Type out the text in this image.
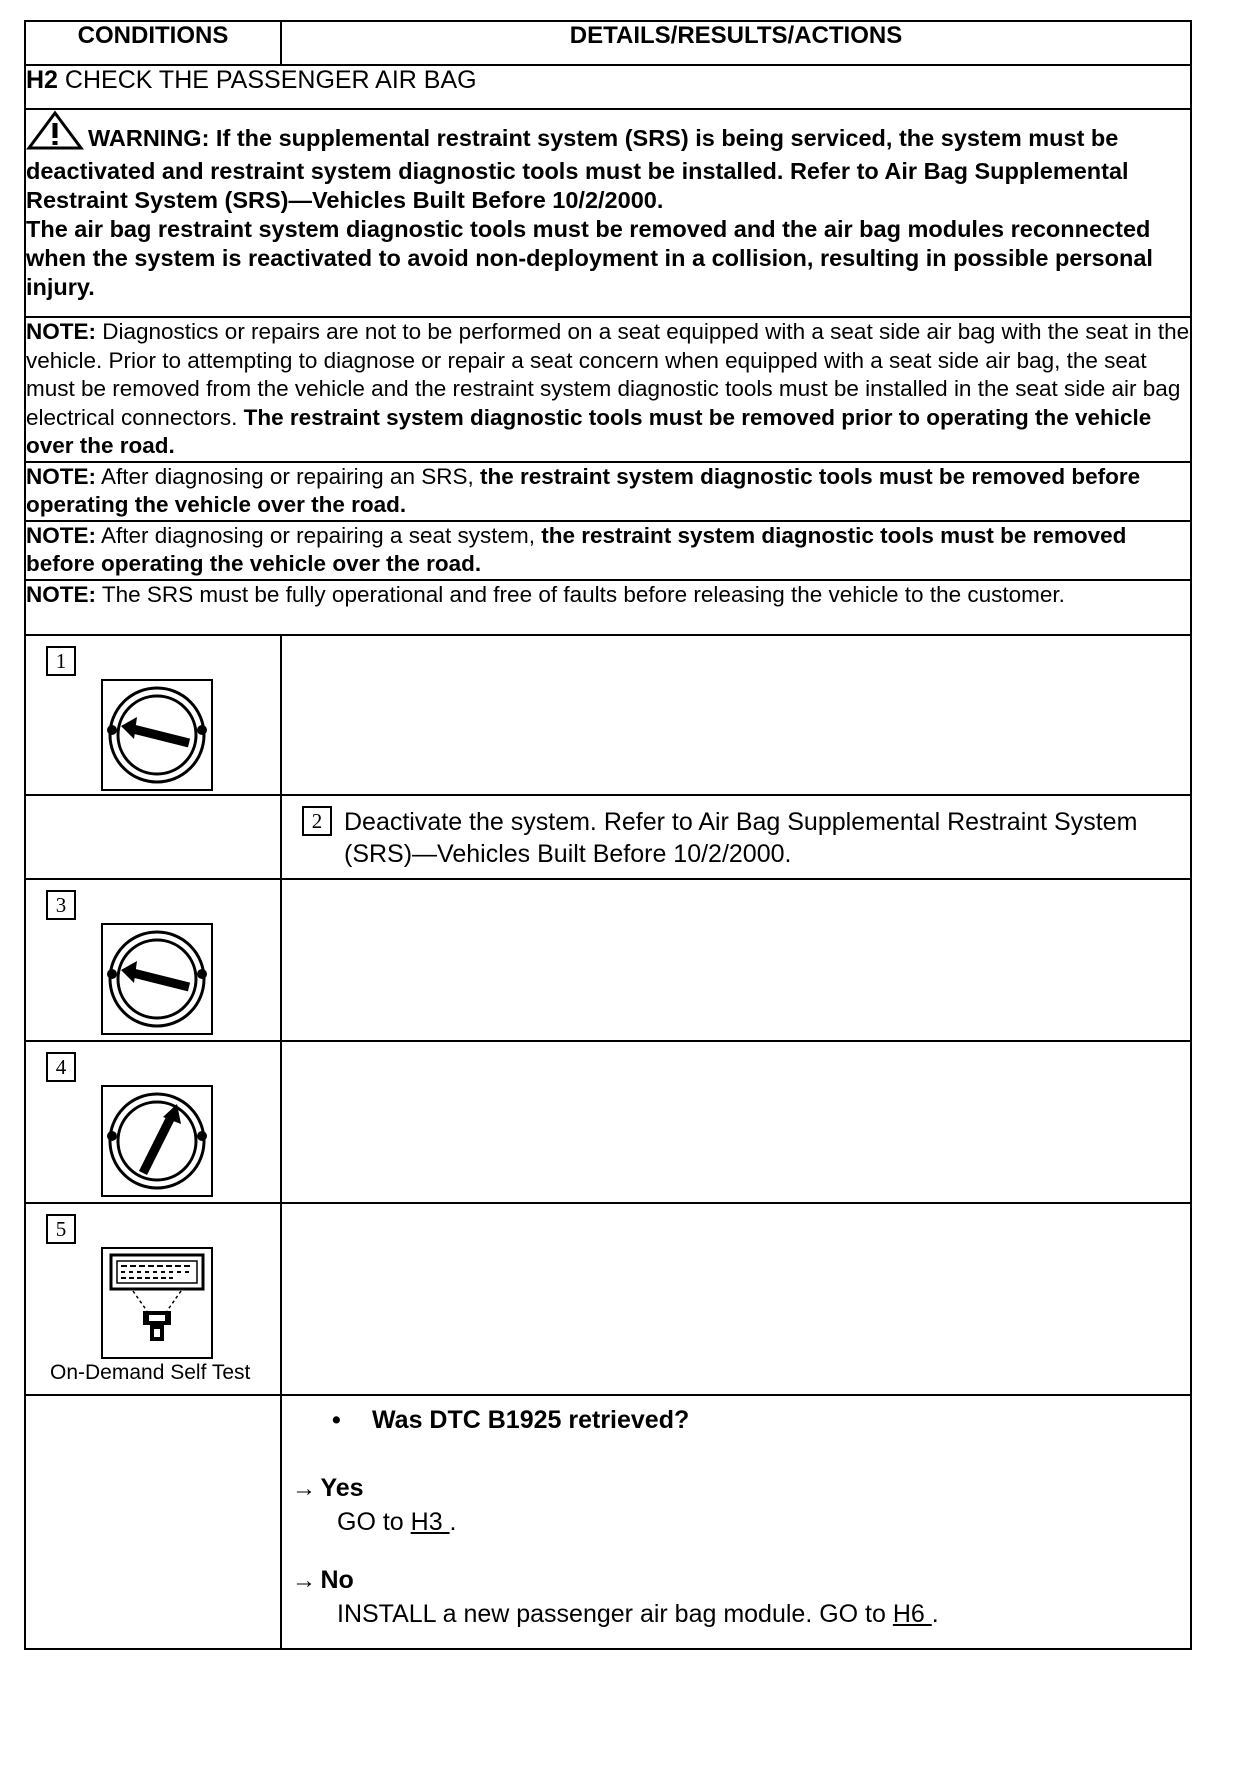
CONDITIONS	DETAILS/RESULTS/ACTIONS
H2 CHECK THE PASSENGER AIR BAG	
WARNING: If the supplemental restraint system (SRS) is being serviced, the system must be deactivated and restraint system diagnostic tools must be installed. Refer to Air Bag Supplemental Restraint System (SRS)—Vehicles Built Before 10/2/2000.
The air bag restraint system diagnostic tools must be removed and the air bag modules reconnected when the system is reactivated to avoid non-deployment in a collision, resulting in possible personal injury.	
NOTE: Diagnostics or repairs are not to be performed on a seat equipped with a seat side air bag with the seat in the vehicle. Prior to attempting to diagnose or repair a seat concern when equipped with a seat side air bag, the seat must be removed from the vehicle and the restraint system diagnostic tools must be installed in the seat side air bag electrical connectors. The restraint system diagnostic tools must be removed prior to operating the vehicle over the road.	
NOTE: After diagnosing or repairing an SRS, the restraint system diagnostic tools must be removed before operating the vehicle over the road.	
NOTE: After diagnosing or repairing a seat system, the restraint system diagnostic tools must be removed before operating the vehicle over the road.	
NOTE: The SRS must be fully operational and free of faults before releasing the vehicle to the customer.	

1	

	2 Deactivate the system. Refer to Air Bag Supplemental Restraint System (SRS)—Vehicles Built Before 10/2/2000.

3	

4	

5
On-Demand Self Test	

	• Was DTC B1925 retrieved?
→ Yes
GO to H3 .
→ No
INSTALL a new passenger air bag module. GO to H6 .
